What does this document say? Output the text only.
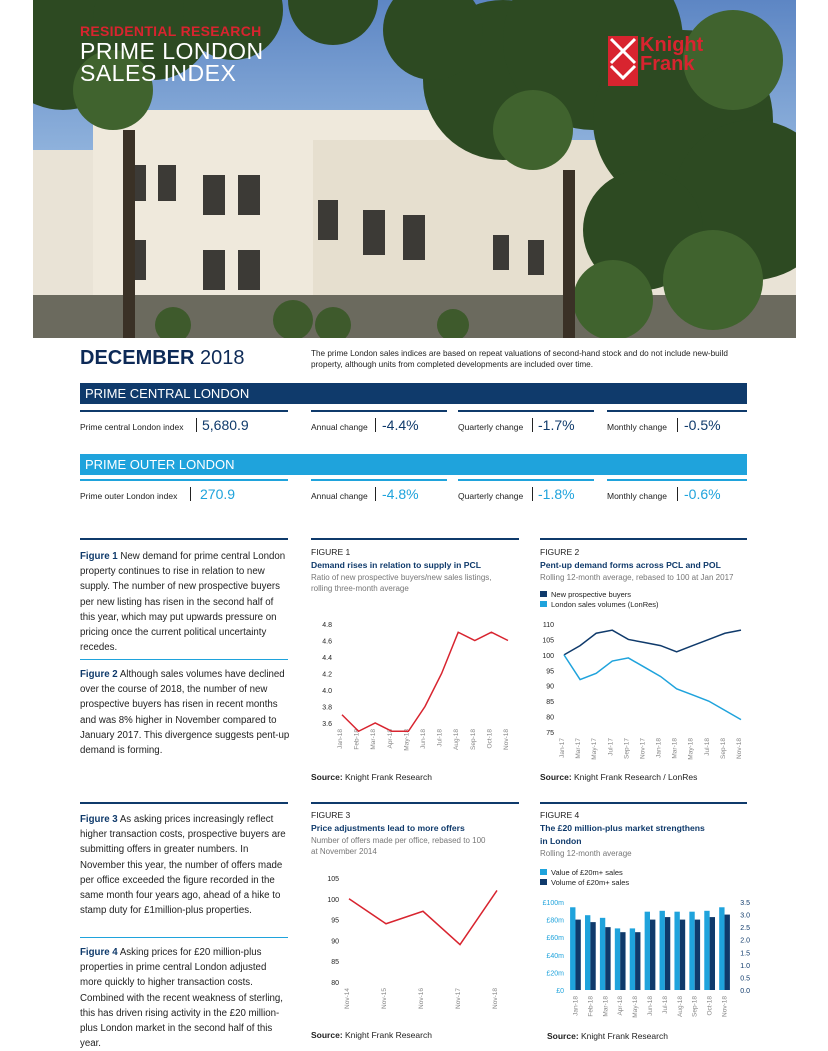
RESIDENTIAL RESEARCH
PRIME LONDON
SALES INDEX
Knight
Frank
DECEMBER 2018	The prime London sales indices are based on repeat valuations of second-hand stock and do not include new-build property, although units from completed developments are included over time.
PRIME CENTRAL LONDON
Prime central London index 5,680.9	Annual change -4.4%	Quarterly change -1.7%	Monthly change -0.5%
PRIME OUTER LONDON
Prime outer London index 270.9	Annual change -4.8%	Quarterly change -1.8%	Monthly change -0.6%
Figure 1 New demand for prime central London property continues to rise in relation to new supply. The number of new prospective buyers per new listing has risen in the second half of this year, which may put upwards pressure on pricing once the current political uncertainty recedes.
Figure 2 Although sales volumes have declined over the course of 2018, the number of new prospective buyers has risen in recent months and was 8% higher in November compared to January 2017. This divergence suggests pent-up demand is forming.
Figure 3 As asking prices increasingly reflect higher transaction costs, prospective buyers are submitting offers in greater numbers. In November this year, the number of offers made per office exceeded the figure recorded in the same month four years ago, ahead of a hike to stamp duty for £1million-plus properties.
Figure 4 Asking prices for £20 million-plus properties in prime central London adjusted more quickly to higher transaction costs. Combined with the recent weakness of sterling, this has driven rising activity in the £20 million-plus London market in the second half of this year.
FIGURE 1
Demand rises in relation to supply in PCL
Ratio of new prospective buyers/new sales listings,
rolling three-month average
4.8
4.6
4.4
4.2
4.0
3.8
3.6
Jan-18 Feb-18 Mar-18 Apr-18 May-18 Jun-18 Jul-18 Aug-18 Sep-18 Oct-18 Nov-18
Source: Knight Frank Research
FIGURE 2
Pent-up demand forms across PCL and POL
Rolling 12-month average, rebased to 100 at Jan 2017
New prospective buyers
London sales volumes (LonRes)
110
105
100
95
90
85
80
75
Jan-17 Mar-17 May-17 Jul-17 Sep-17 Nov-17 Jan-18 Mar-18 May-18 Jul-18 Sep-18 Nov-18
Source: Knight Frank Research / LonRes
FIGURE 3
Price adjustments lead to more offers
Number of offers made per office, rebased to 100
at November 2014
105
100
95
90
85
80
Nov-14	Nov-15	Nov-16	Nov-17	Nov-18
Source: Knight Frank Research
FIGURE 4
The £20 million-plus market strengthens
in London
Rolling 12-month average
Value of £20m+ sales
Volume of £20m+ sales
£100m
£80m
£60m
£40m
£20m
£0
3.5
3.0
2.5
2.0
1.5
1.0
0.5
0.0
Jan-18 Feb-18 Mar-18 Apr-18 May-18 Jun-18 Jul-18 Aug-18 Sep-18 Oct-18 Nov-18
Source: Knight Frank Research
